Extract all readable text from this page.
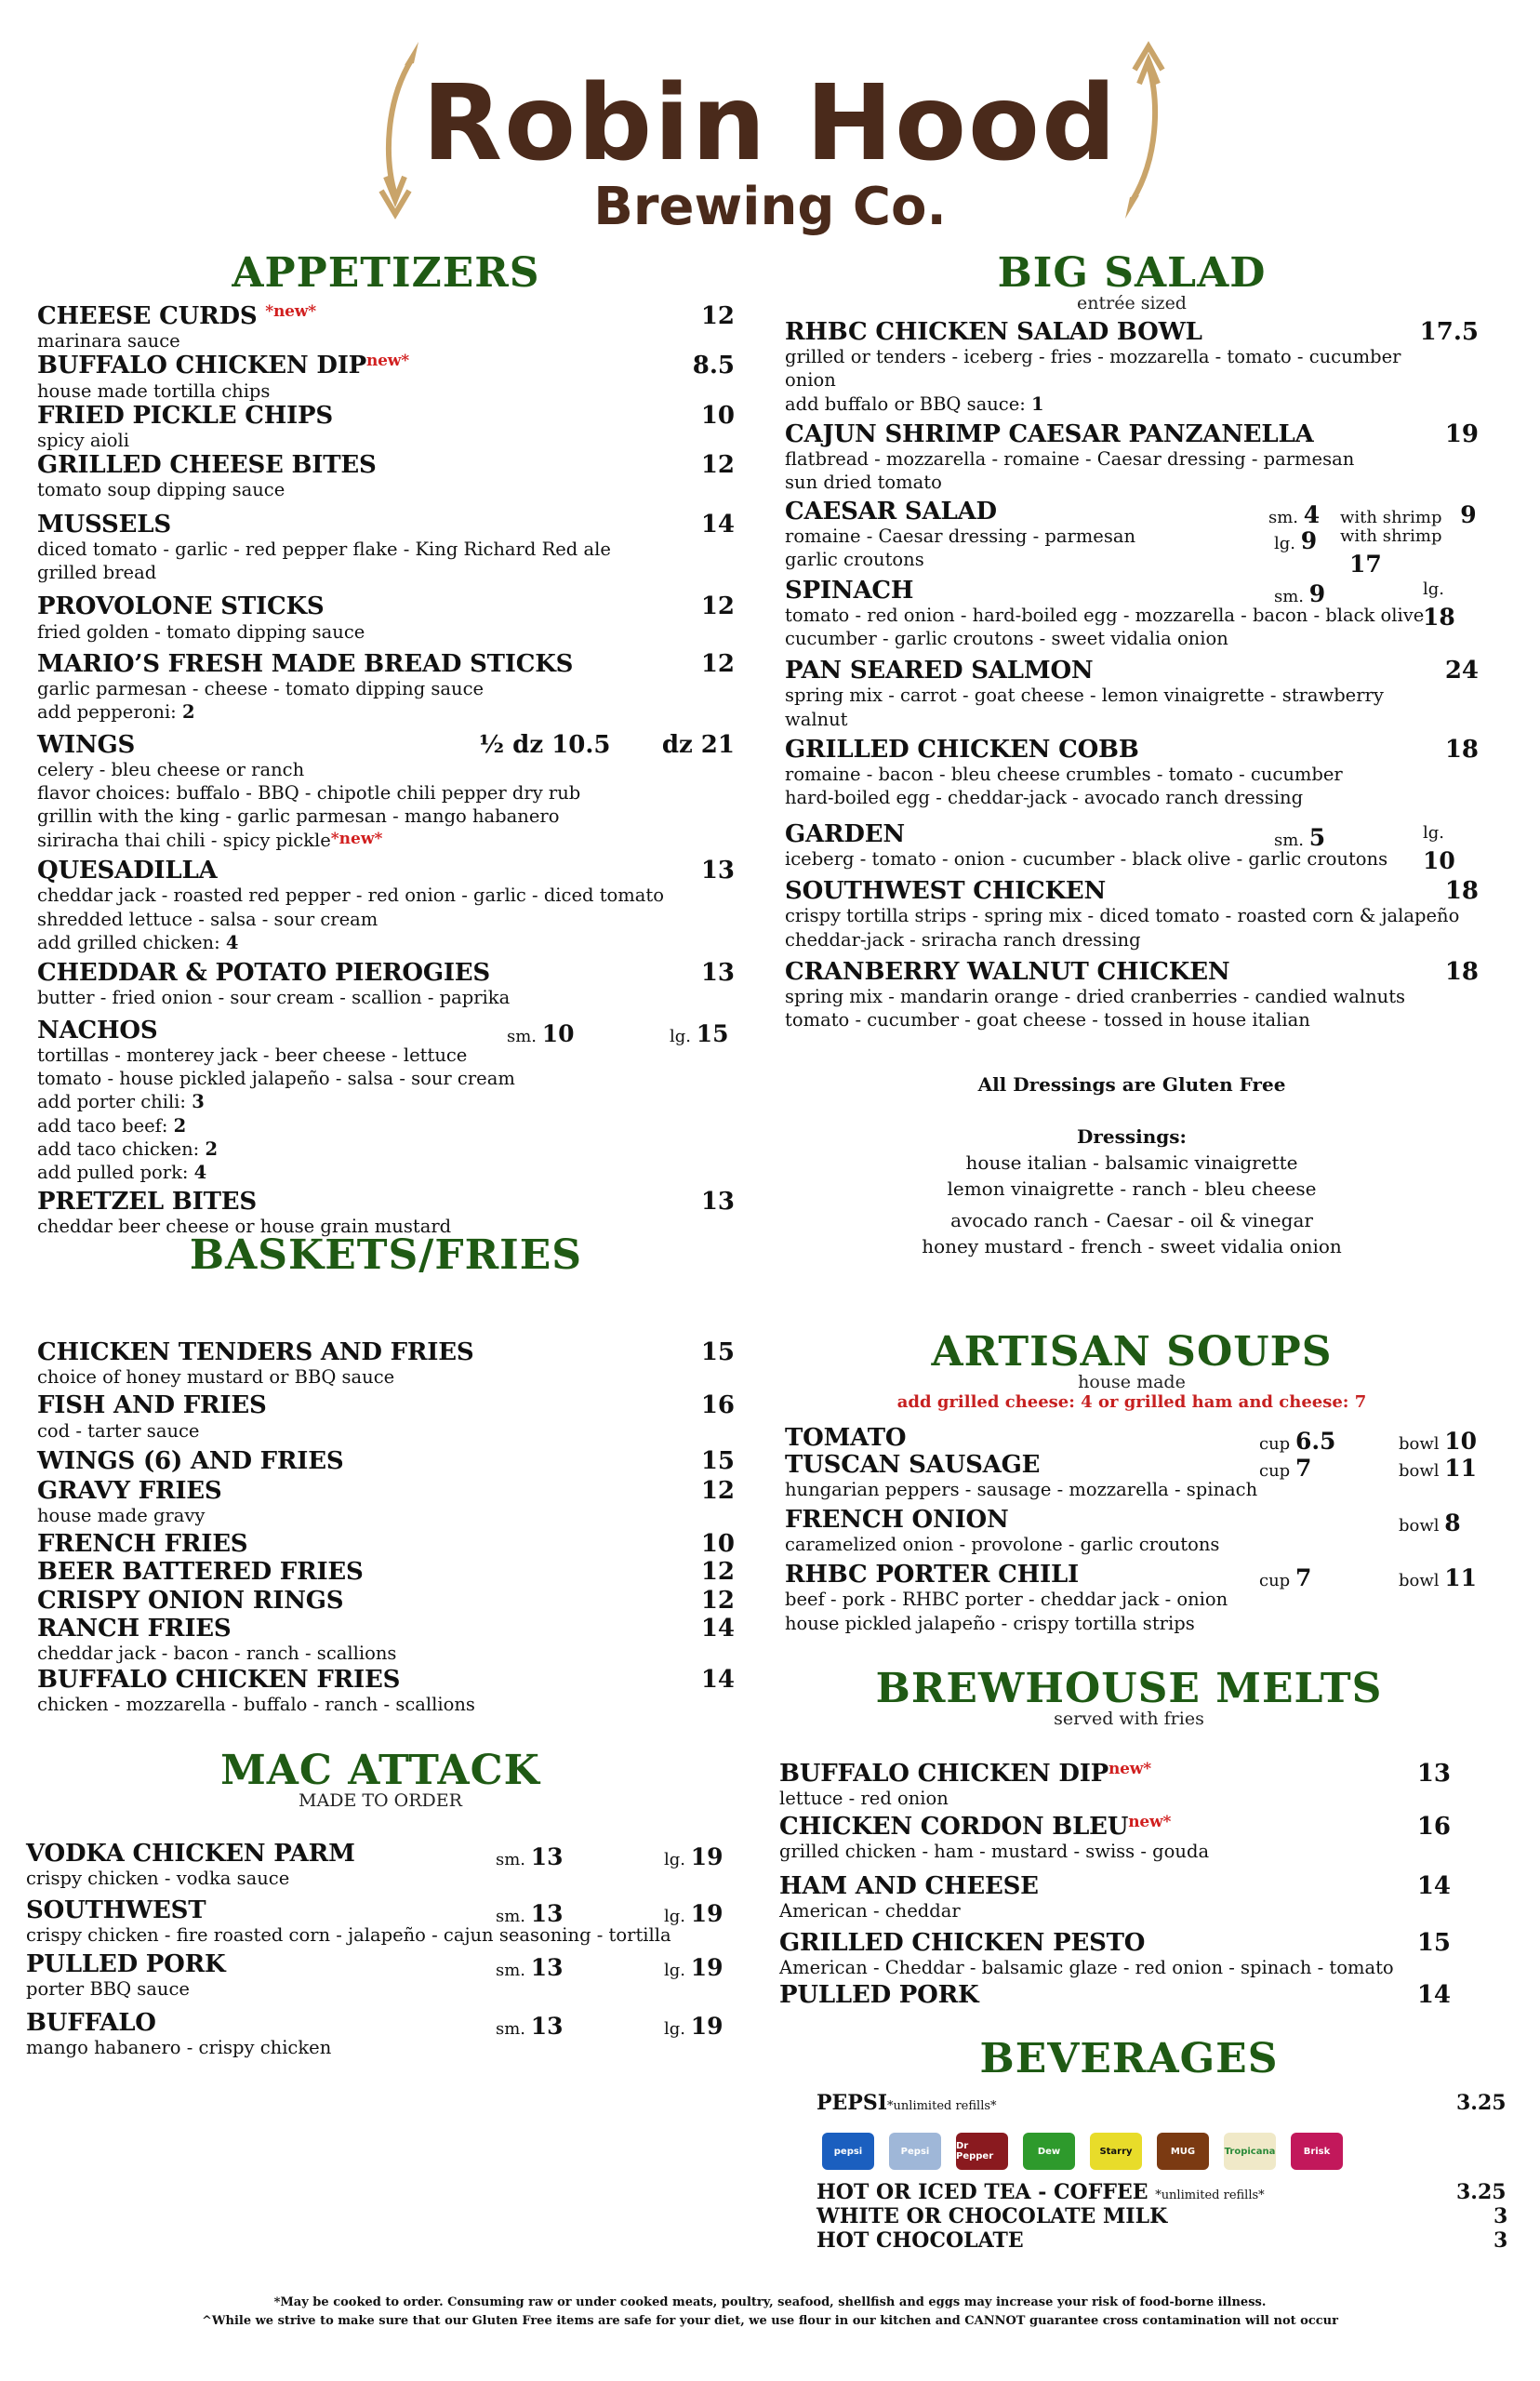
Robin Hood
Brewing Co.
APPETIZERS
CHEESE CURDS $^{*new*}$	12
marinara sauce
BUFFALO CHICKEN $DIP^{new*}$	8.5
house made tortilla chips
FRIED PICKLE CHIPS	10
spicy aioli
GRILLED CHEESE BITES	12
tomato soup dipping sauce
MUSSELS	14
diced tomato - garlic - red pepper flake - King Richard Red ale
grilled bread
PROVOLONE STICKS	12
fried golden - tomato dipping sauce
MARIO’S FRESH MADE BREAD STICKS	12
garlic parmesan - cheese - tomato dipping sauce
add pepperoni: 2
WINGS	½ dz 10.5 dz 21
celery - bleu cheese or ranch
flavor choices: buffalo - BBQ - chipotle chili pepper dry rub
grillin with the king - garlic parmesan - mango habanero
siriracha thai chili - spicy pickle*new*
QUESADILLA	13
cheddar jack - roasted red pepper - red onion - garlic - diced tomato
shredded lettuce - salsa - sour cream
add grilled chicken: 4
CHEDDAR & POTATO PIEROGIES	13
butter - fried onion - sour cream - scallion - paprika
NACHOS	sm. 10	lg. 15
tortillas - monterey jack - beer cheese - lettuce
tomato - house pickled jalapeño - salsa - sour cream
add porter chili: 3
add taco beef: 2
add taco chicken: 2
add pulled pork: 4
PRETZEL BITES	13
cheddar beer cheese or house grain mustard
BASKETS/FRIES
CHICKEN TENDERS AND FRIES	15
choice of honey mustard or BBQ sauce
FISH AND FRIES	16
cod - tarter sauce
WINGS (6) AND FRIES	15
GRAVY FRIES	12
house made gravy
FRENCH FRIES	10
BEER BATTERED FRIES	12
CRISPY ONION RINGS	12
RANCH FRIES	14
cheddar jack - bacon - ranch - scallions
BUFFALO CHICKEN FRIES	14
chicken - mozzarella - buffalo - ranch - scallions
MAC ATTACK
MADE TO ORDER
VODKA CHICKEN PARM	sm. 13	lg. 19
crispy chicken - vodka sauce
SOUTHWEST	sm. 13	lg. 19
crispy chicken - fire roasted corn - jalapeño - cajun seasoning - tortilla
PULLED PORK	sm. 13	lg. 19
porter BBQ sauce
BUFFALO	sm. 13	lg. 19
mango habanero - crispy chicken
BIG SALAD
entrée sized
RHBC CHICKEN SALAD BOWL	17.5
grilled or tenders - iceberg - fries - mozzarella - tomato - cucumber
onion
add buffalo or BBQ sauce: 1
CAJUN SHRIMP CAESAR PANZANELLA	19
flatbread - mozzarella - romaine - Caesar dressing - parmesan
sun dried tomato
CAESAR SALAD	sm. 4 with shrimp 9
lg. 9 with shrimp 17
romaine - Caesar dressing - parmesan
garlic croutons
SPINACH	sm. 9	lg. 18
tomato - red onion - hard-boiled egg - mozzarella - bacon - black olive
cucumber - garlic croutons - sweet vidalia onion
PAN SEARED SALMON	24
spring mix - carrot - goat cheese - lemon vinaigrette - strawberry
walnut
GRILLED CHICKEN COBB	18
romaine - bacon - bleu cheese crumbles - tomato - cucumber
hard-boiled egg - cheddar-jack - avocado ranch dressing
GARDEN	sm. 5	lg. 10
iceberg - tomato - onion - cucumber - black olive - garlic croutons
SOUTHWEST CHICKEN	18
crispy tortilla strips - spring mix - diced tomato - roasted corn & jalapeño
cheddar-jack - sriracha ranch dressing
CRANBERRY WALNUT CHICKEN	18
spring mix - mandarin orange - dried cranberries - candied walnuts
tomato - cucumber - goat cheese - tossed in house italian
All Dressings are Gluten Free
Dressings:
house italian - balsamic vinaigrette
lemon vinaigrette - ranch - bleu cheese
avocado ranch - Caesar - oil & vinegar
honey mustard - french - sweet vidalia onion
ARTISAN SOUPS
house made
add grilled cheese: 4 or grilled ham and cheese: 7
TOMATO	cup 6.5	bowl 10
TUSCAN SAUSAGE	cup 7	bowl 11
hungarian peppers - sausage - mozzarella - spinach
FRENCH ONION	bowl 8
caramelized onion - provolone - garlic croutons
RHBC PORTER CHILI	cup 7	bowl 11
beef - pork - RHBC porter - cheddar jack - onion
house pickled jalapeño - crispy tortilla strips
BREWHOUSE MELTS
served with fries
BUFFALO CHICKEN $DIP^{new*}$	13
lettuce - red onion
CHICKEN CORDON $BLEU^{new*}$	16
grilled chicken - ham - mustard - swiss - gouda
HAM AND CHEESE	14
American - cheddar
GRILLED CHICKEN PESTO	15
American - Cheddar - balsamic glaze - red onion - spinach - tomato
PULLED PORK	14
BEVERAGES
PEPSI*unlimited refills*	3.25
pepsi	Pepsi	Dr Pepper	Dew	Starry	MUG	Tropicana	Brisk
HOT OR ICED TEA - COFFEE *unlimited refills*	3.25
WHITE OR CHOCOLATE MILK	3
HOT CHOCOLATE	3
*May be cooked to order. Consuming raw or under cooked meats, poultry, seafood, shellfish and eggs may increase your risk of food-borne illness.
^While we strive to make sure that our Gluten Free items are safe for your diet, we use flour in our kitchen and CANNOT guarantee cross contamination will not occur
